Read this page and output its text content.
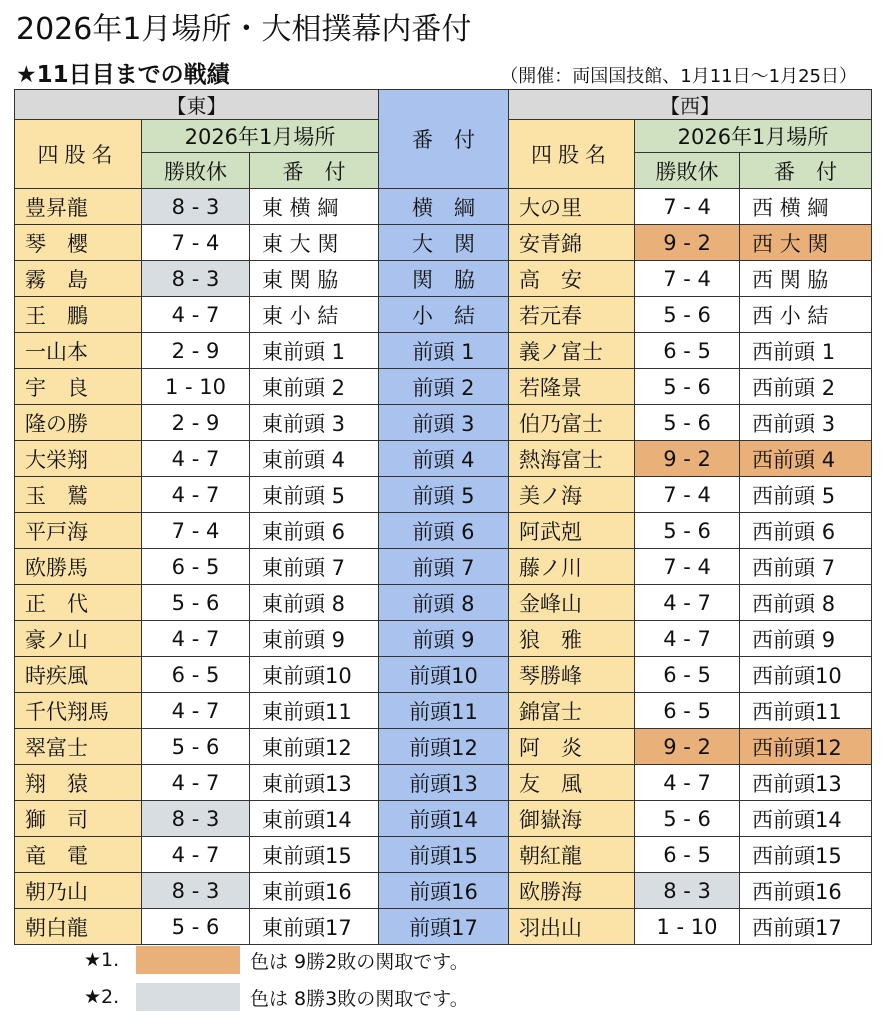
2026年1月場所・大相撲幕内番付
★11日目までの戦績	（開催：両国国技館、1月11日〜1月25日）
【東】			番　付	【西】		
四股名	2026年1月場所			四股名	2026年1月場所	
	勝敗休	番　付			勝敗休	番　付
豊昇龍	8 - 3	東 横 綱	横　綱	大の里	7 - 4	西 横 綱
琴　櫻	7 - 4	東 大 関	大　関	安青錦	9 - 2	西 大 関
霧　島	8 - 3	東 関 脇	関　脇	高　安	7 - 4	西 関 脇
王　鵬	4 - 7	東 小 結	小　結	若元春	5 - 6	西 小 結
一山本	2 - 9	東前頭 1	前頭 1	義ノ富士	6 - 5	西前頭 1
宇　良	1 - 10	東前頭 2	前頭 2	若隆景	5 - 6	西前頭 2
隆の勝	2 - 9	東前頭 3	前頭 3	伯乃富士	5 - 6	西前頭 3
大栄翔	4 - 7	東前頭 4	前頭 4	熱海富士	9 - 2	西前頭 4
玉　鷲	4 - 7	東前頭 5	前頭 5	美ノ海	7 - 4	西前頭 5
平戸海	7 - 4	東前頭 6	前頭 6	阿武剋	5 - 6	西前頭 6
欧勝馬	6 - 5	東前頭 7	前頭 7	藤ノ川	7 - 4	西前頭 7
正　代	5 - 6	東前頭 8	前頭 8	金峰山	4 - 7	西前頭 8
豪ノ山	4 - 7	東前頭 9	前頭 9	狼　雅	4 - 7	西前頭 9
時疾風	6 - 5	東前頭10	前頭10	琴勝峰	6 - 5	西前頭10
千代翔馬	4 - 7	東前頭11	前頭11	錦富士	6 - 5	西前頭11
翠富士	5 - 6	東前頭12	前頭12	阿　炎	9 - 2	西前頭12
翔　猿	4 - 7	東前頭13	前頭13	友　風	4 - 7	西前頭13
獅　司	8 - 3	東前頭14	前頭14	御嶽海	5 - 6	西前頭14
竜　電	4 - 7	東前頭15	前頭15	朝紅龍	6 - 5	西前頭15
朝乃山	8 - 3	東前頭16	前頭16	欧勝海	8 - 3	西前頭16
朝白龍	5 - 6	東前頭17	前頭17	羽出山	1 - 10	西前頭17
★1.	色は 9勝2敗の関取です。
★2.	色は 8勝3敗の関取です。
